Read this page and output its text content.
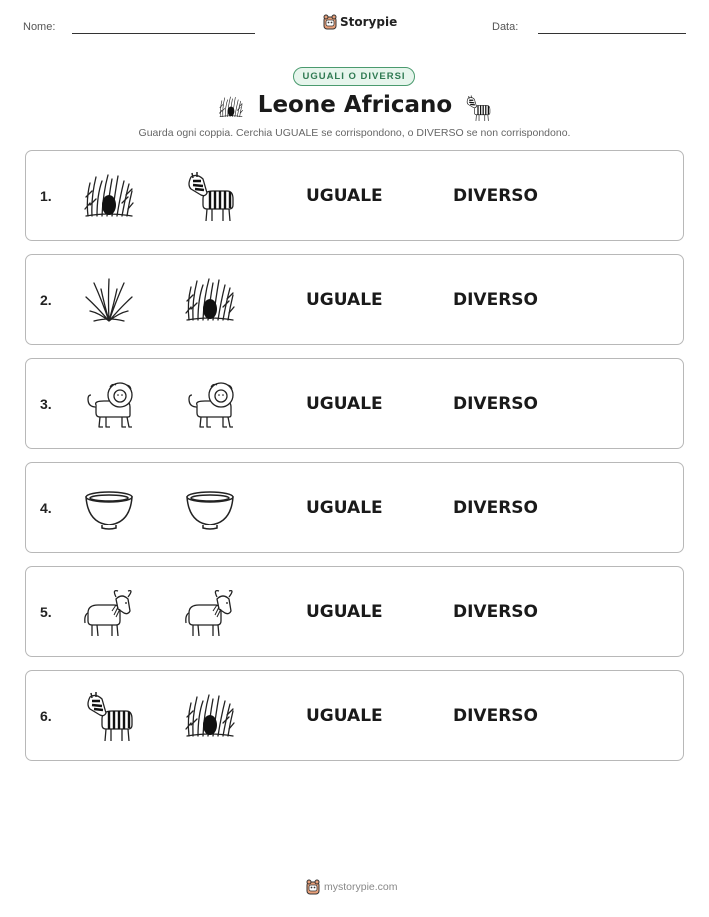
Nome:	Storypie	Data:
UGUALI O DIVERSI
Leone Africano
Guarda ogni coppia. Cerchia UGUALE se corrispondono, o DIVERSO se non corrispondono.
1.	UGUALE	DIVERSO
2.	UGUALE	DIVERSO
3.	UGUALE	DIVERSO
4.	UGUALE	DIVERSO
5.	UGUALE	DIVERSO
6.	UGUALE	DIVERSO
mystorypie.com
